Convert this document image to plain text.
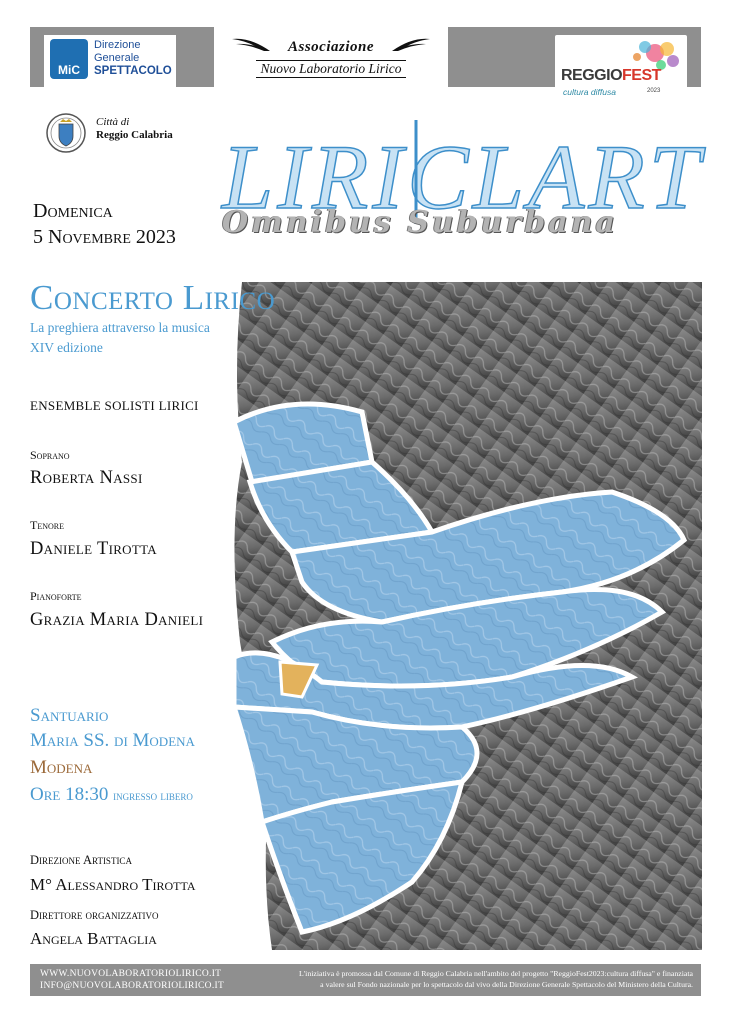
MiC
Direzione
Generale
SPETTACOLO
Associazione
Nuovo Laboratorio Lirico	REGGIOFEST
cultura diffusa	2023
Città di
Reggio Calabria LIRICLART
Omnibus Suburbana
Domenica
5 Novembre 2023
Concerto Lirico
La preghiera attraverso la musica
XIV edizione
ENSEMBLE SOLISTI LIRICI
Soprano
Roberta Nassi
Tenore
Daniele Tirotta
Pianoforte
Grazia Maria Danieli
Santuario
Maria SS. di Modena
Modena
Ore 18:30 ingresso libero
Direzione Artistica
M° Alessandro Tirotta
Direttore organizzativo
Angela Battaglia
WWW.NUOVOLABORATORIOLIRICO.IT
INFO@NUOVOLABORATORIOLIRICO.IT
L'iniziativa è promossa dal Comune di Reggio Calabria nell'ambito del progetto "ReggioFest2023:cultura diffusa" e finanziata
a valere sul Fondo nazionale per lo spettacolo dal vivo della Direzione Generale Spettacolo del Ministero della Cultura.
